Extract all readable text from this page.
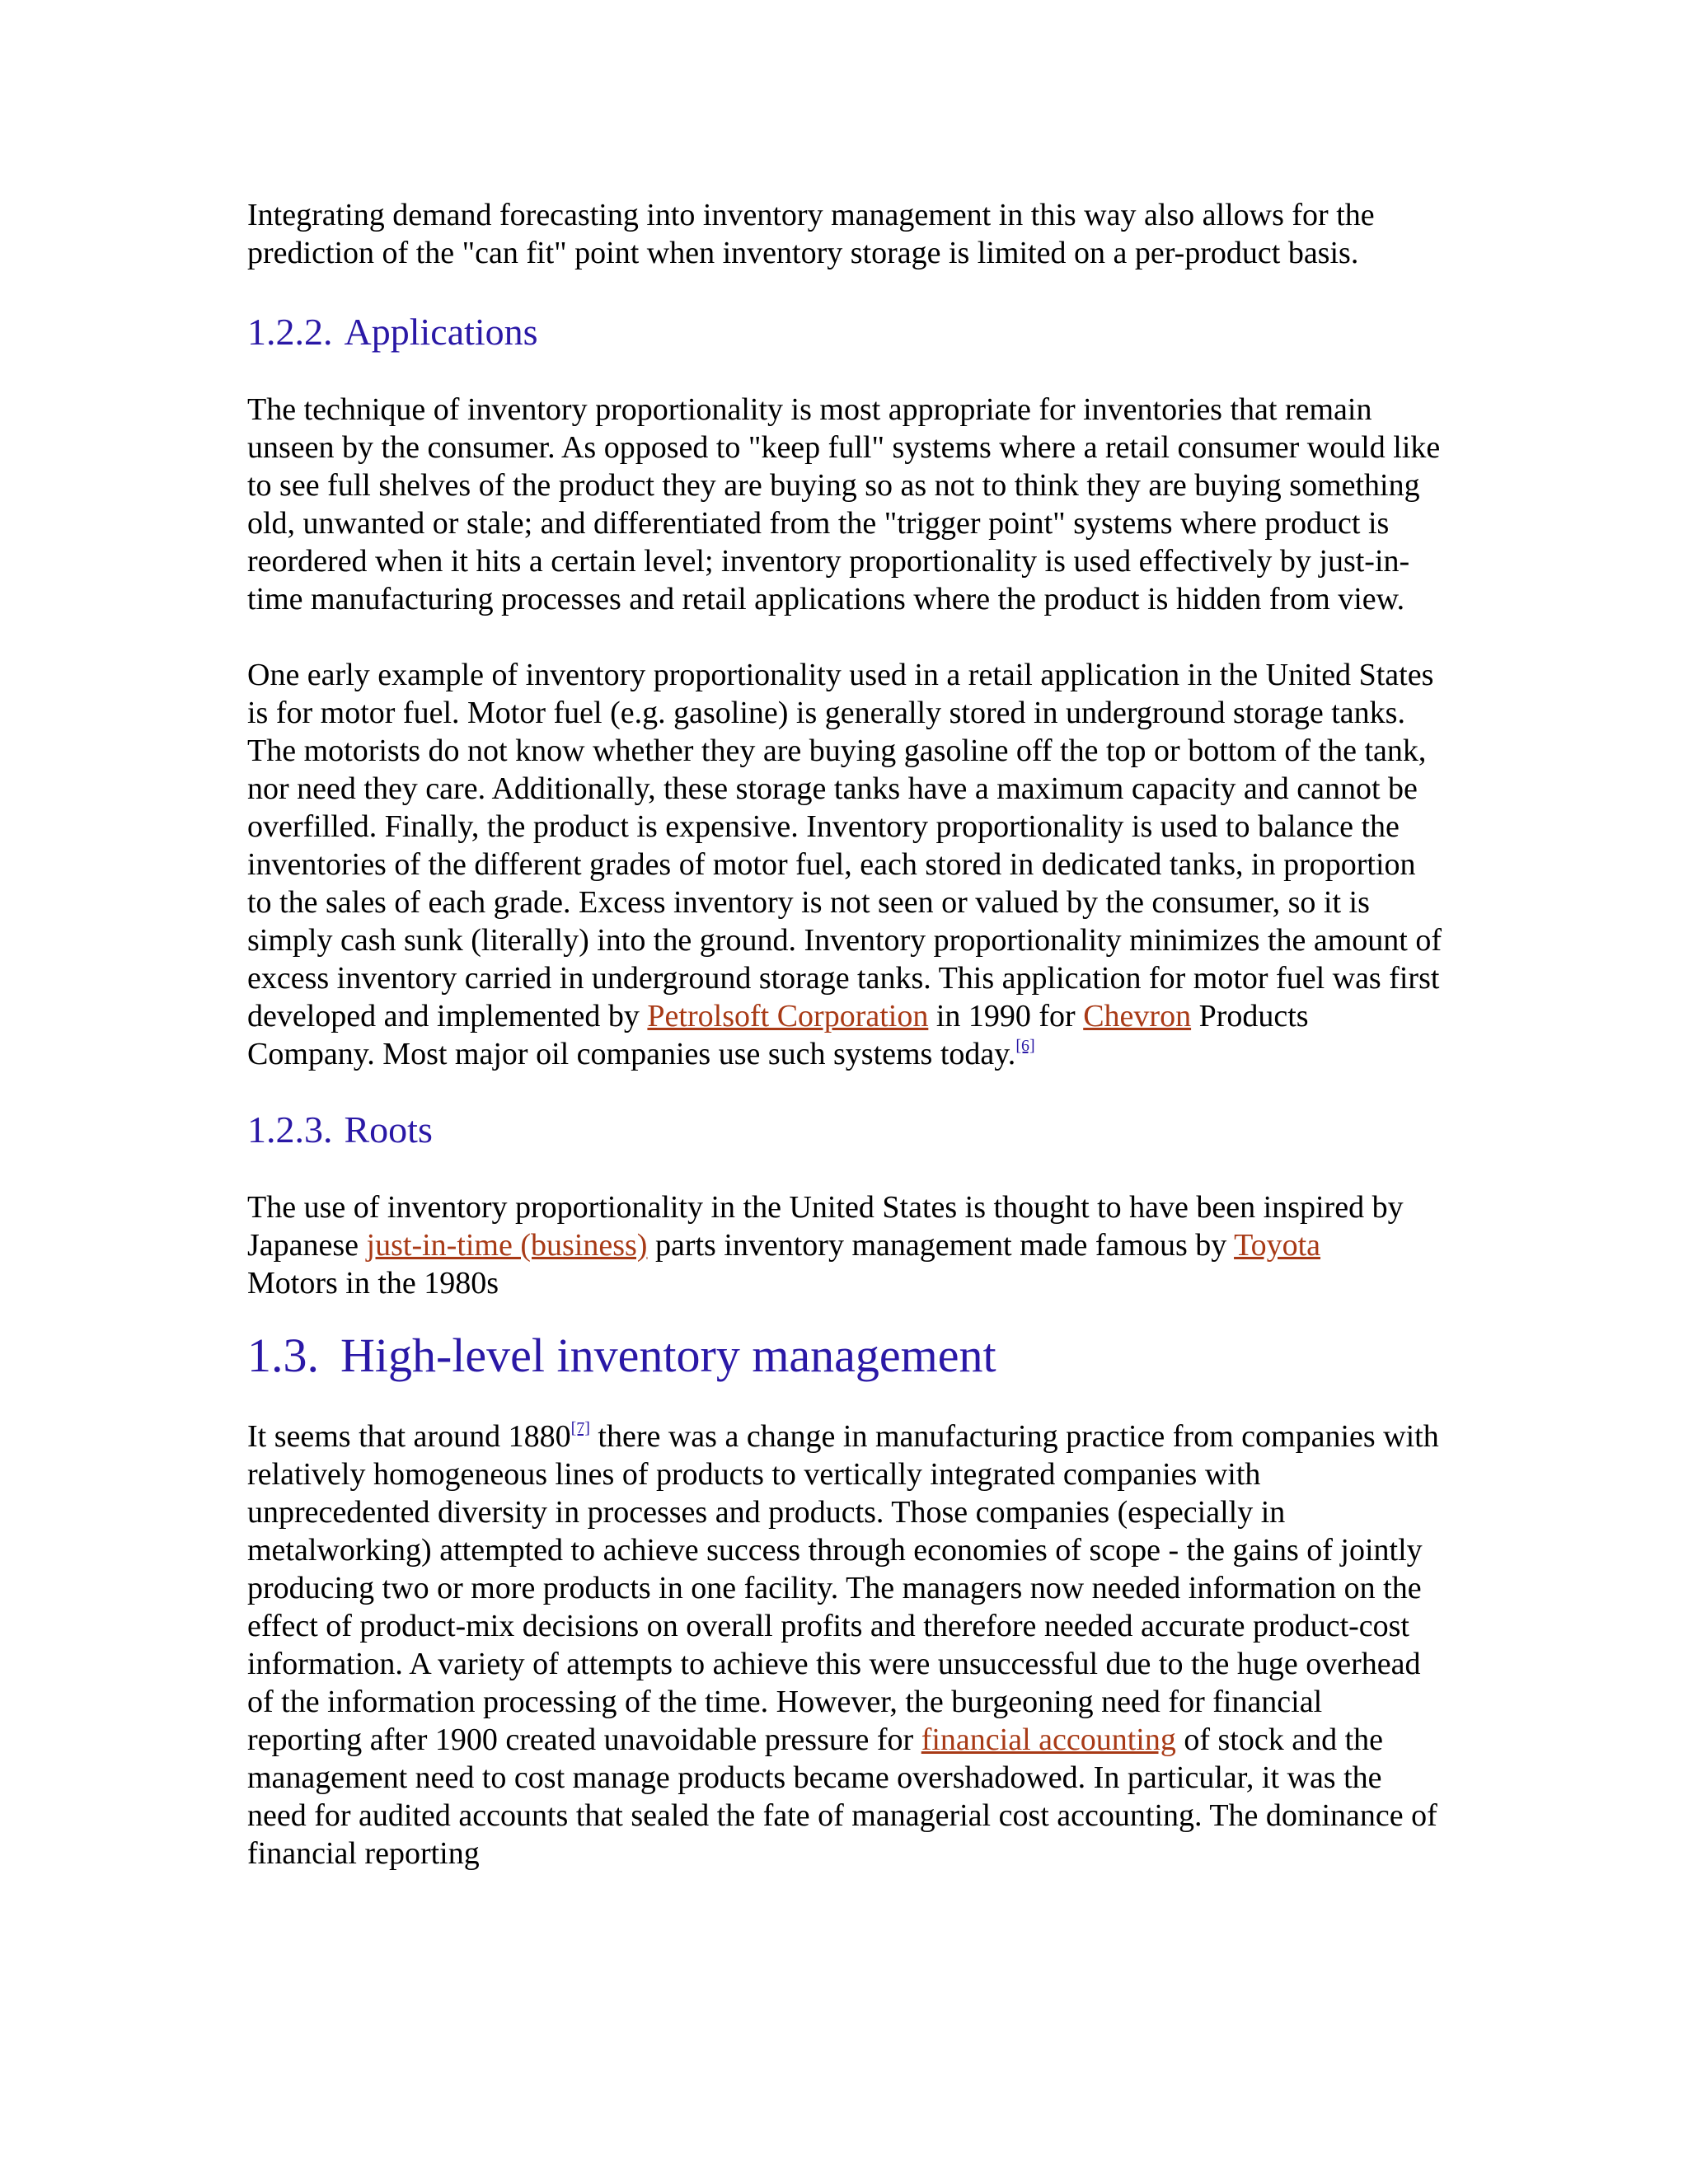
Integrating demand forecasting into inventory management in this way also allows for the prediction of the "can fit" point when inventory storage is limited on a per-product basis.

1.2.2. Applications

The technique of inventory proportionality is most appropriate for inventories that remain unseen by the consumer. As opposed to "keep full" systems where a retail consumer would like to see full shelves of the product they are buying so as not to think they are buying something old, unwanted or stale; and differentiated from the "trigger point" systems where product is reordered when it hits a certain level; inventory proportionality is used effectively by just-in-time manufacturing processes and retail applications where the product is hidden from view.

One early example of inventory proportionality used in a retail application in the United States is for motor fuel. Motor fuel (e.g. gasoline) is generally stored in underground storage tanks. The motorists do not know whether they are buying gasoline off the top or bottom of the tank, nor need they care. Additionally, these storage tanks have a maximum capacity and cannot be overfilled. Finally, the product is expensive. Inventory proportionality is used to balance the inventories of the different grades of motor fuel, each stored in dedicated tanks, in proportion to the sales of each grade. Excess inventory is not seen or valued by the consumer, so it is simply cash sunk (literally) into the ground. Inventory proportionality minimizes the amount of excess inventory carried in underground storage tanks. This application for motor fuel was first developed and implemented by Petrolsoft Corporation in 1990 for Chevron Products Company. Most major oil companies use such systems today.[6]

1.2.3. Roots

The use of inventory proportionality in the United States is thought to have been inspired by Japanese just-in-time (business) parts inventory management made famous by Toyota
Motors in the 1980s

1.3. High-level inventory management

It seems that around 1880[7] there was a change in manufacturing practice from companies with relatively homogeneous lines of products to vertically integrated companies with unprecedented diversity in processes and products. Those companies (especially in metalworking) attempted to achieve success through economies of scope - the gains of jointly producing two or more products in one facility. The managers now needed information on the effect of product-mix decisions on overall profits and therefore needed accurate product-cost information. A variety of attempts to achieve this were unsuccessful due to the huge overhead of the information processing of the time. However, the burgeoning need for financial reporting after 1900 created unavoidable pressure for financial accounting of stock and the management need to cost manage products became overshadowed. In particular, it was the need for audited accounts that sealed the fate of managerial cost accounting. The dominance of financial reporting
